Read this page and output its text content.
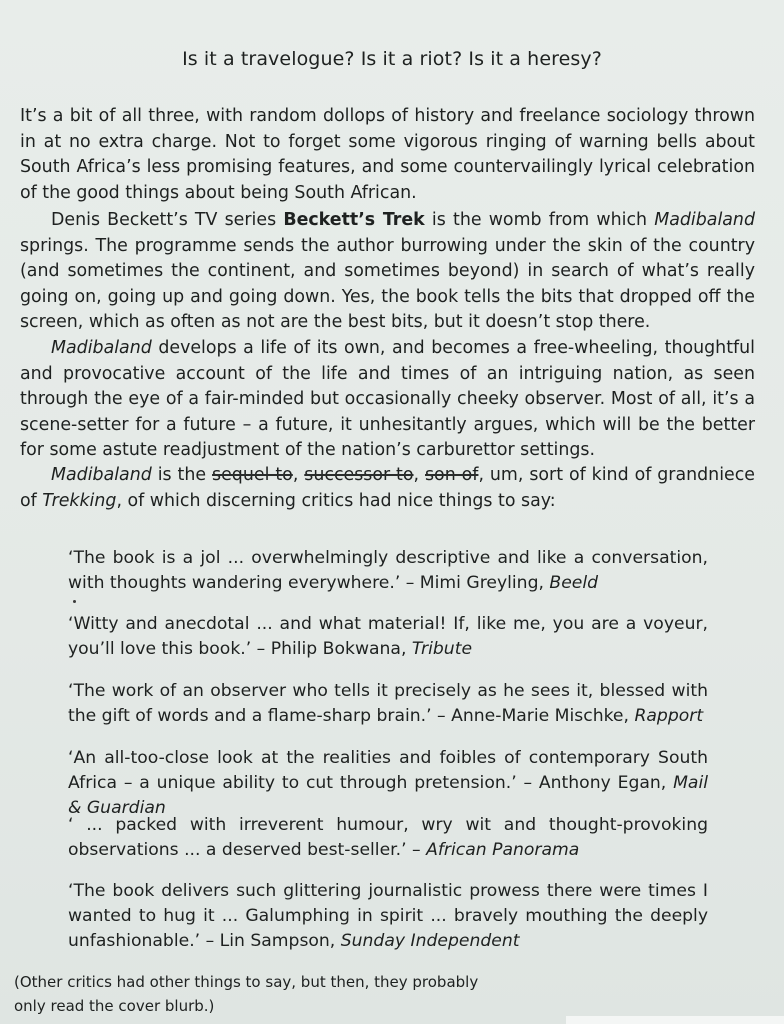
Is it a travelogue? Is it a riot? Is it a heresy?

It’s a bit of all three, with random dollops of history and freelance sociology thrown in at no extra charge. Not to forget some vigorous ringing of warning bells about South Africa’s less promising features, and some countervailingly lyrical celebration of the good things about being South African.

Denis Beckett’s TV series Beckett’s Trek is the womb from which Madibaland springs. The programme sends the author burrowing under the skin of the country (and sometimes the continent, and sometimes beyond) in search of what’s really going on, going up and going down. Yes, the book tells the bits that dropped off the screen, which as often as not are the best bits, but it doesn’t stop there.

Madibaland develops a life of its own, and becomes a free-wheeling, thoughtful and provocative account of the life and times of an intriguing nation, as seen through the eye of a fair-minded but occasionally cheeky observer. Most of all, it’s a scene-setter for a future – a future, it unhesitantly argues, which will be the better for some astute readjustment of the nation’s carburettor settings.

Madibaland is the sequel to, successor to, son of, um, sort of kind of grandniece of Trekking, of which discerning critics had nice things to say:

‘The book is a jol ... overwhelmingly descriptive and like a conversation, with thoughts wandering everywhere.’ – Mimi Greyling, Beeld

‘Witty and anecdotal ... and what material! If, like me, you are a voyeur, you’ll love this book.’ – Philip Bokwana, Tribute

‘The work of an observer who tells it precisely as he sees it, blessed with the gift of words and a flame-sharp brain.’ – Anne-Marie Mischke, Rapport

‘An all-too-close look at the realities and foibles of contemporary South Africa – a unique ability to cut through pretension.’ – Anthony Egan, Mail & Guardian

‘ ... packed with irreverent humour, wry wit and thought-provoking observations ... a deserved best-seller.’ – African Panorama

‘The book delivers such glittering journalistic prowess there were times I wanted to hug it ... Galumphing in spirit ... bravely mouthing the deeply unfashionable.’ – Lin Sampson, Sunday Independent

(Other critics had other things to say, but then, they probably only read the cover blurb.)
